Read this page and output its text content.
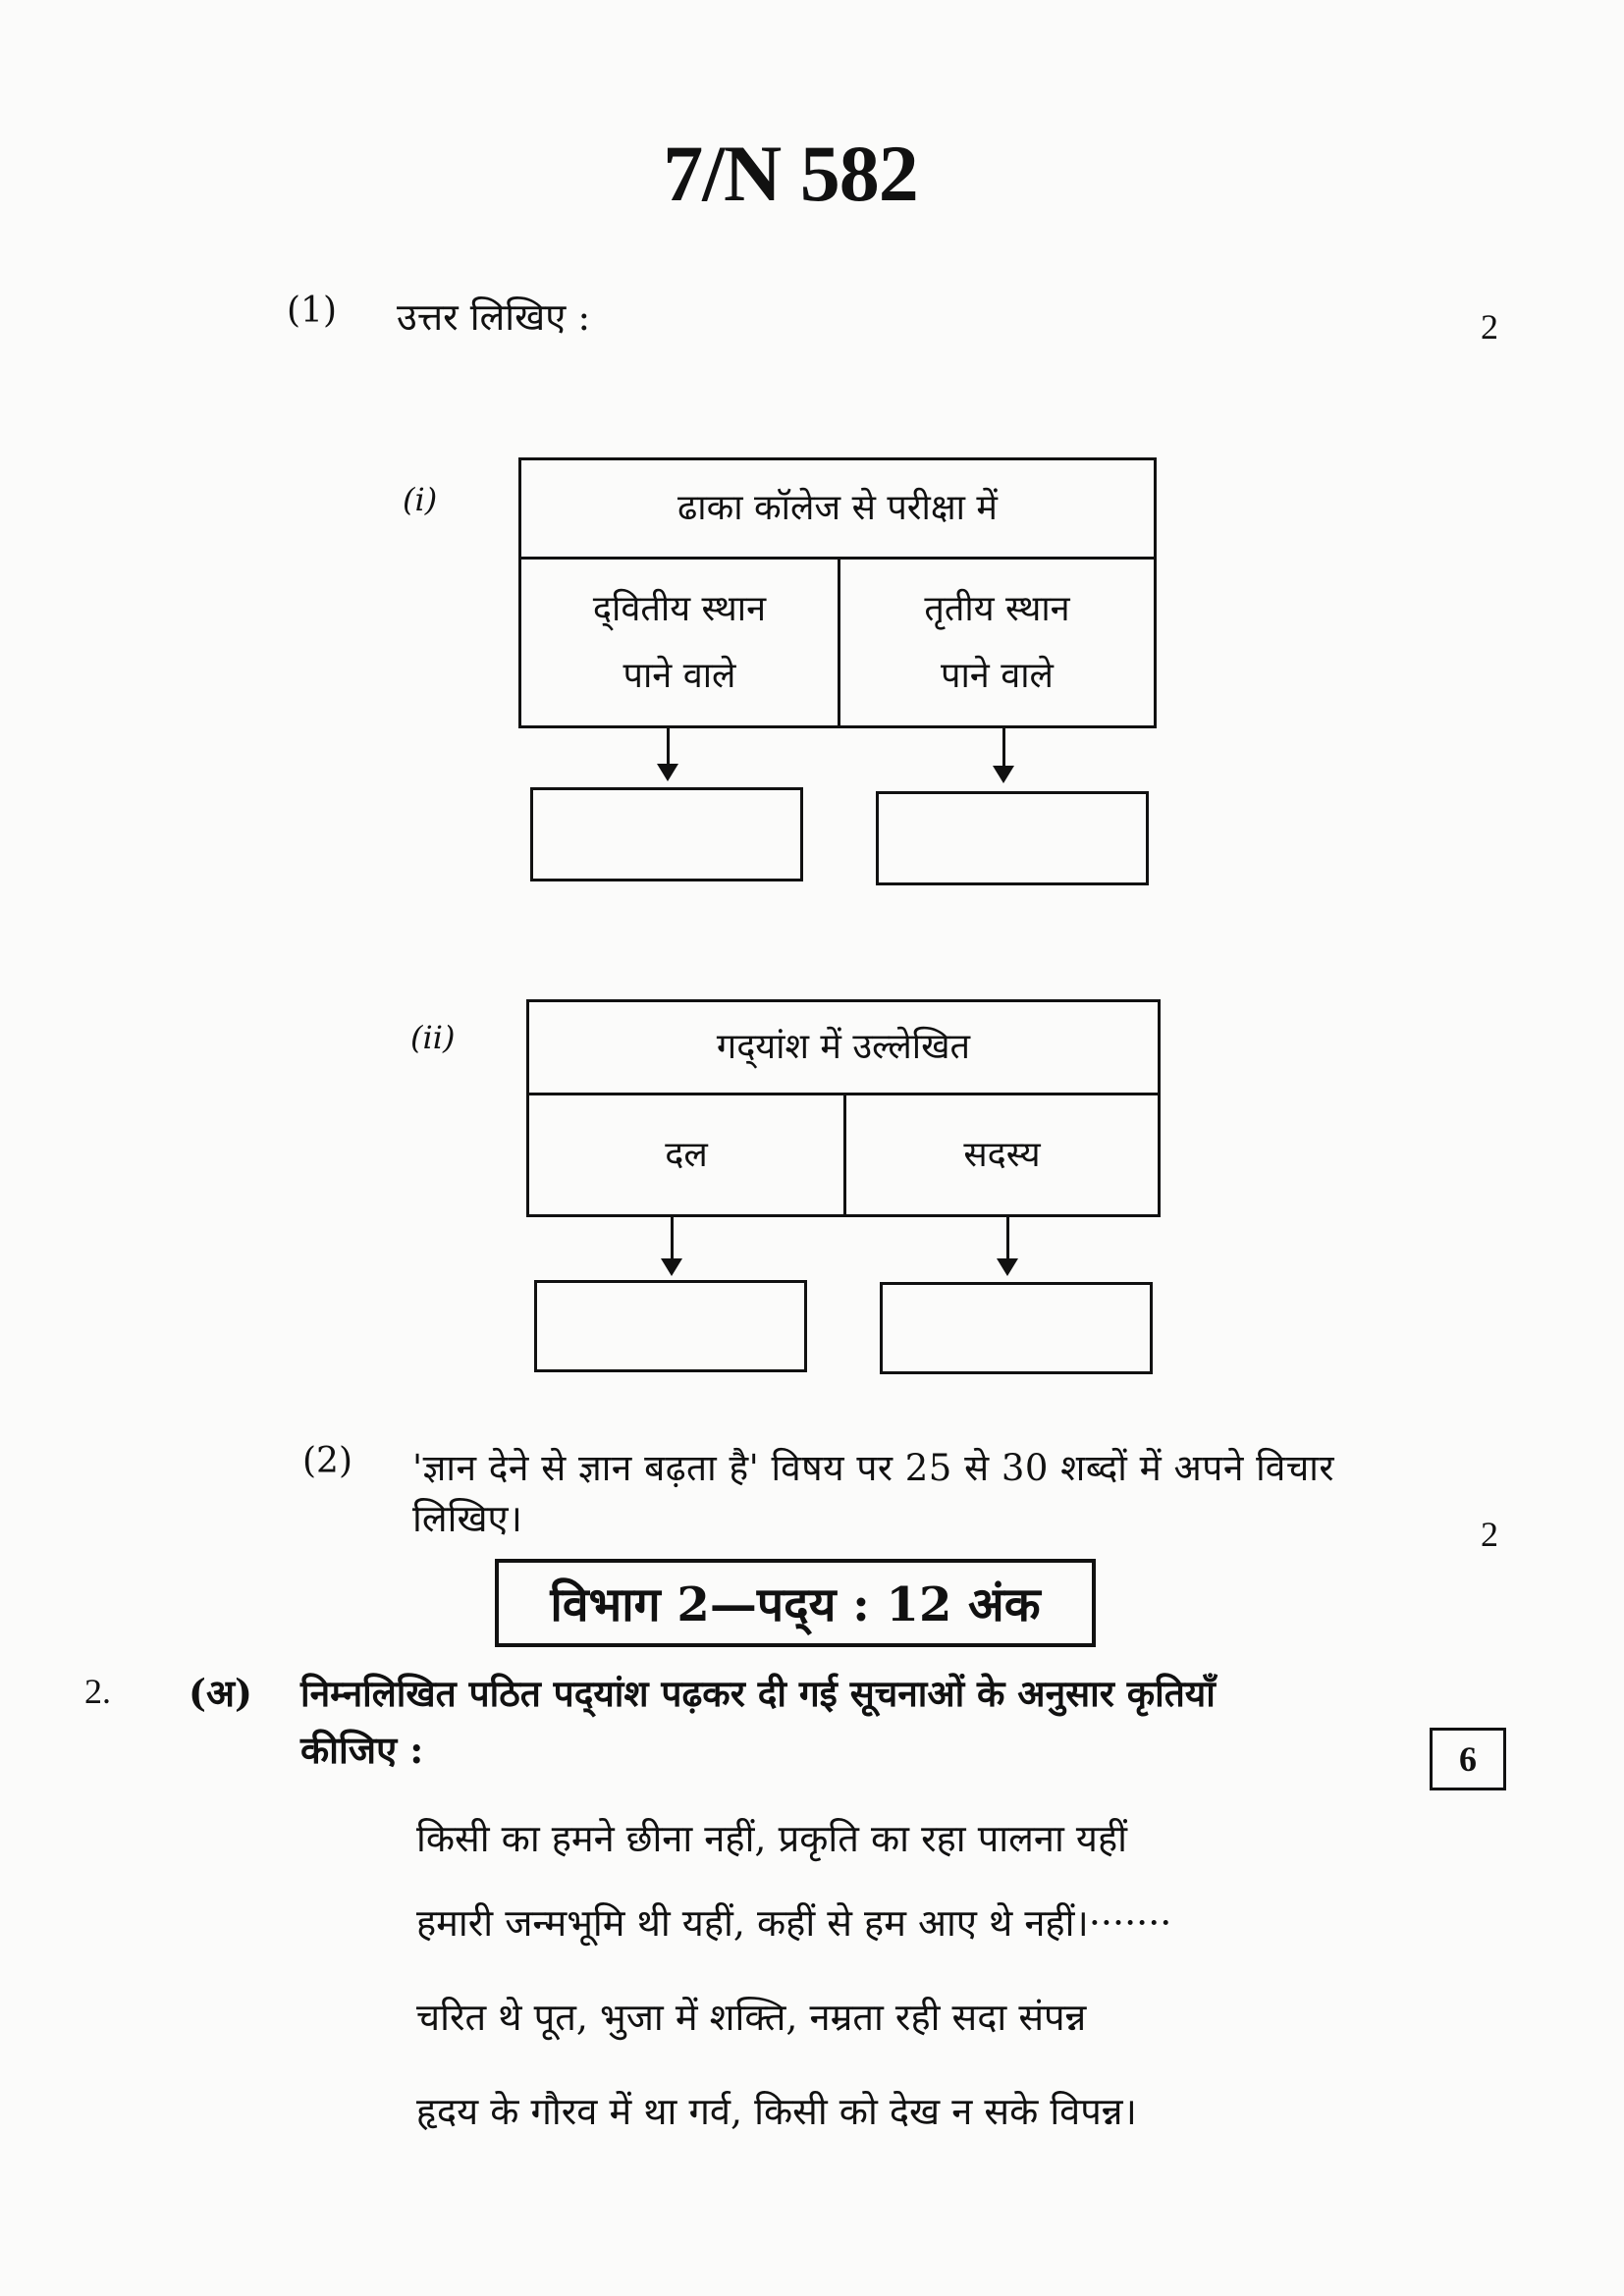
7/N 582
(1) उत्तर लिखिए :	2
(i)	ढाका कॉलेज से परीक्षा में
द्‌वितीय स्थान
पाने वाले
तृतीय स्थान
पाने वाले
(ii)	गद्‌यांश में उल्लेखित
दल	सदस्य
(2) 'ज्ञान देने से ज्ञान बढ़ता है' विषय पर 25 से 30 शब्दों में अपने विचार
लिखिए।	2
विभाग 2—पद्‌य : 12 अंक
2. (अ) निम्नलिखित पठित पद्‌यांश पढ़कर दी गई सूचनाओं के अनुसार कृतियाँ
कीजिए :	6
किसी का हमने छीना नहीं, प्रकृति का रहा पालना यहीं
हमारी जन्मभूमि थी यहीं, कहीं से हम आए थे नहीं।·······
चरित थे पूत, भुजा में शक्ति, नम्रता रही सदा संपन्न
हृदय के गौरव में था गर्व, किसी को देख न सके विपन्न।
